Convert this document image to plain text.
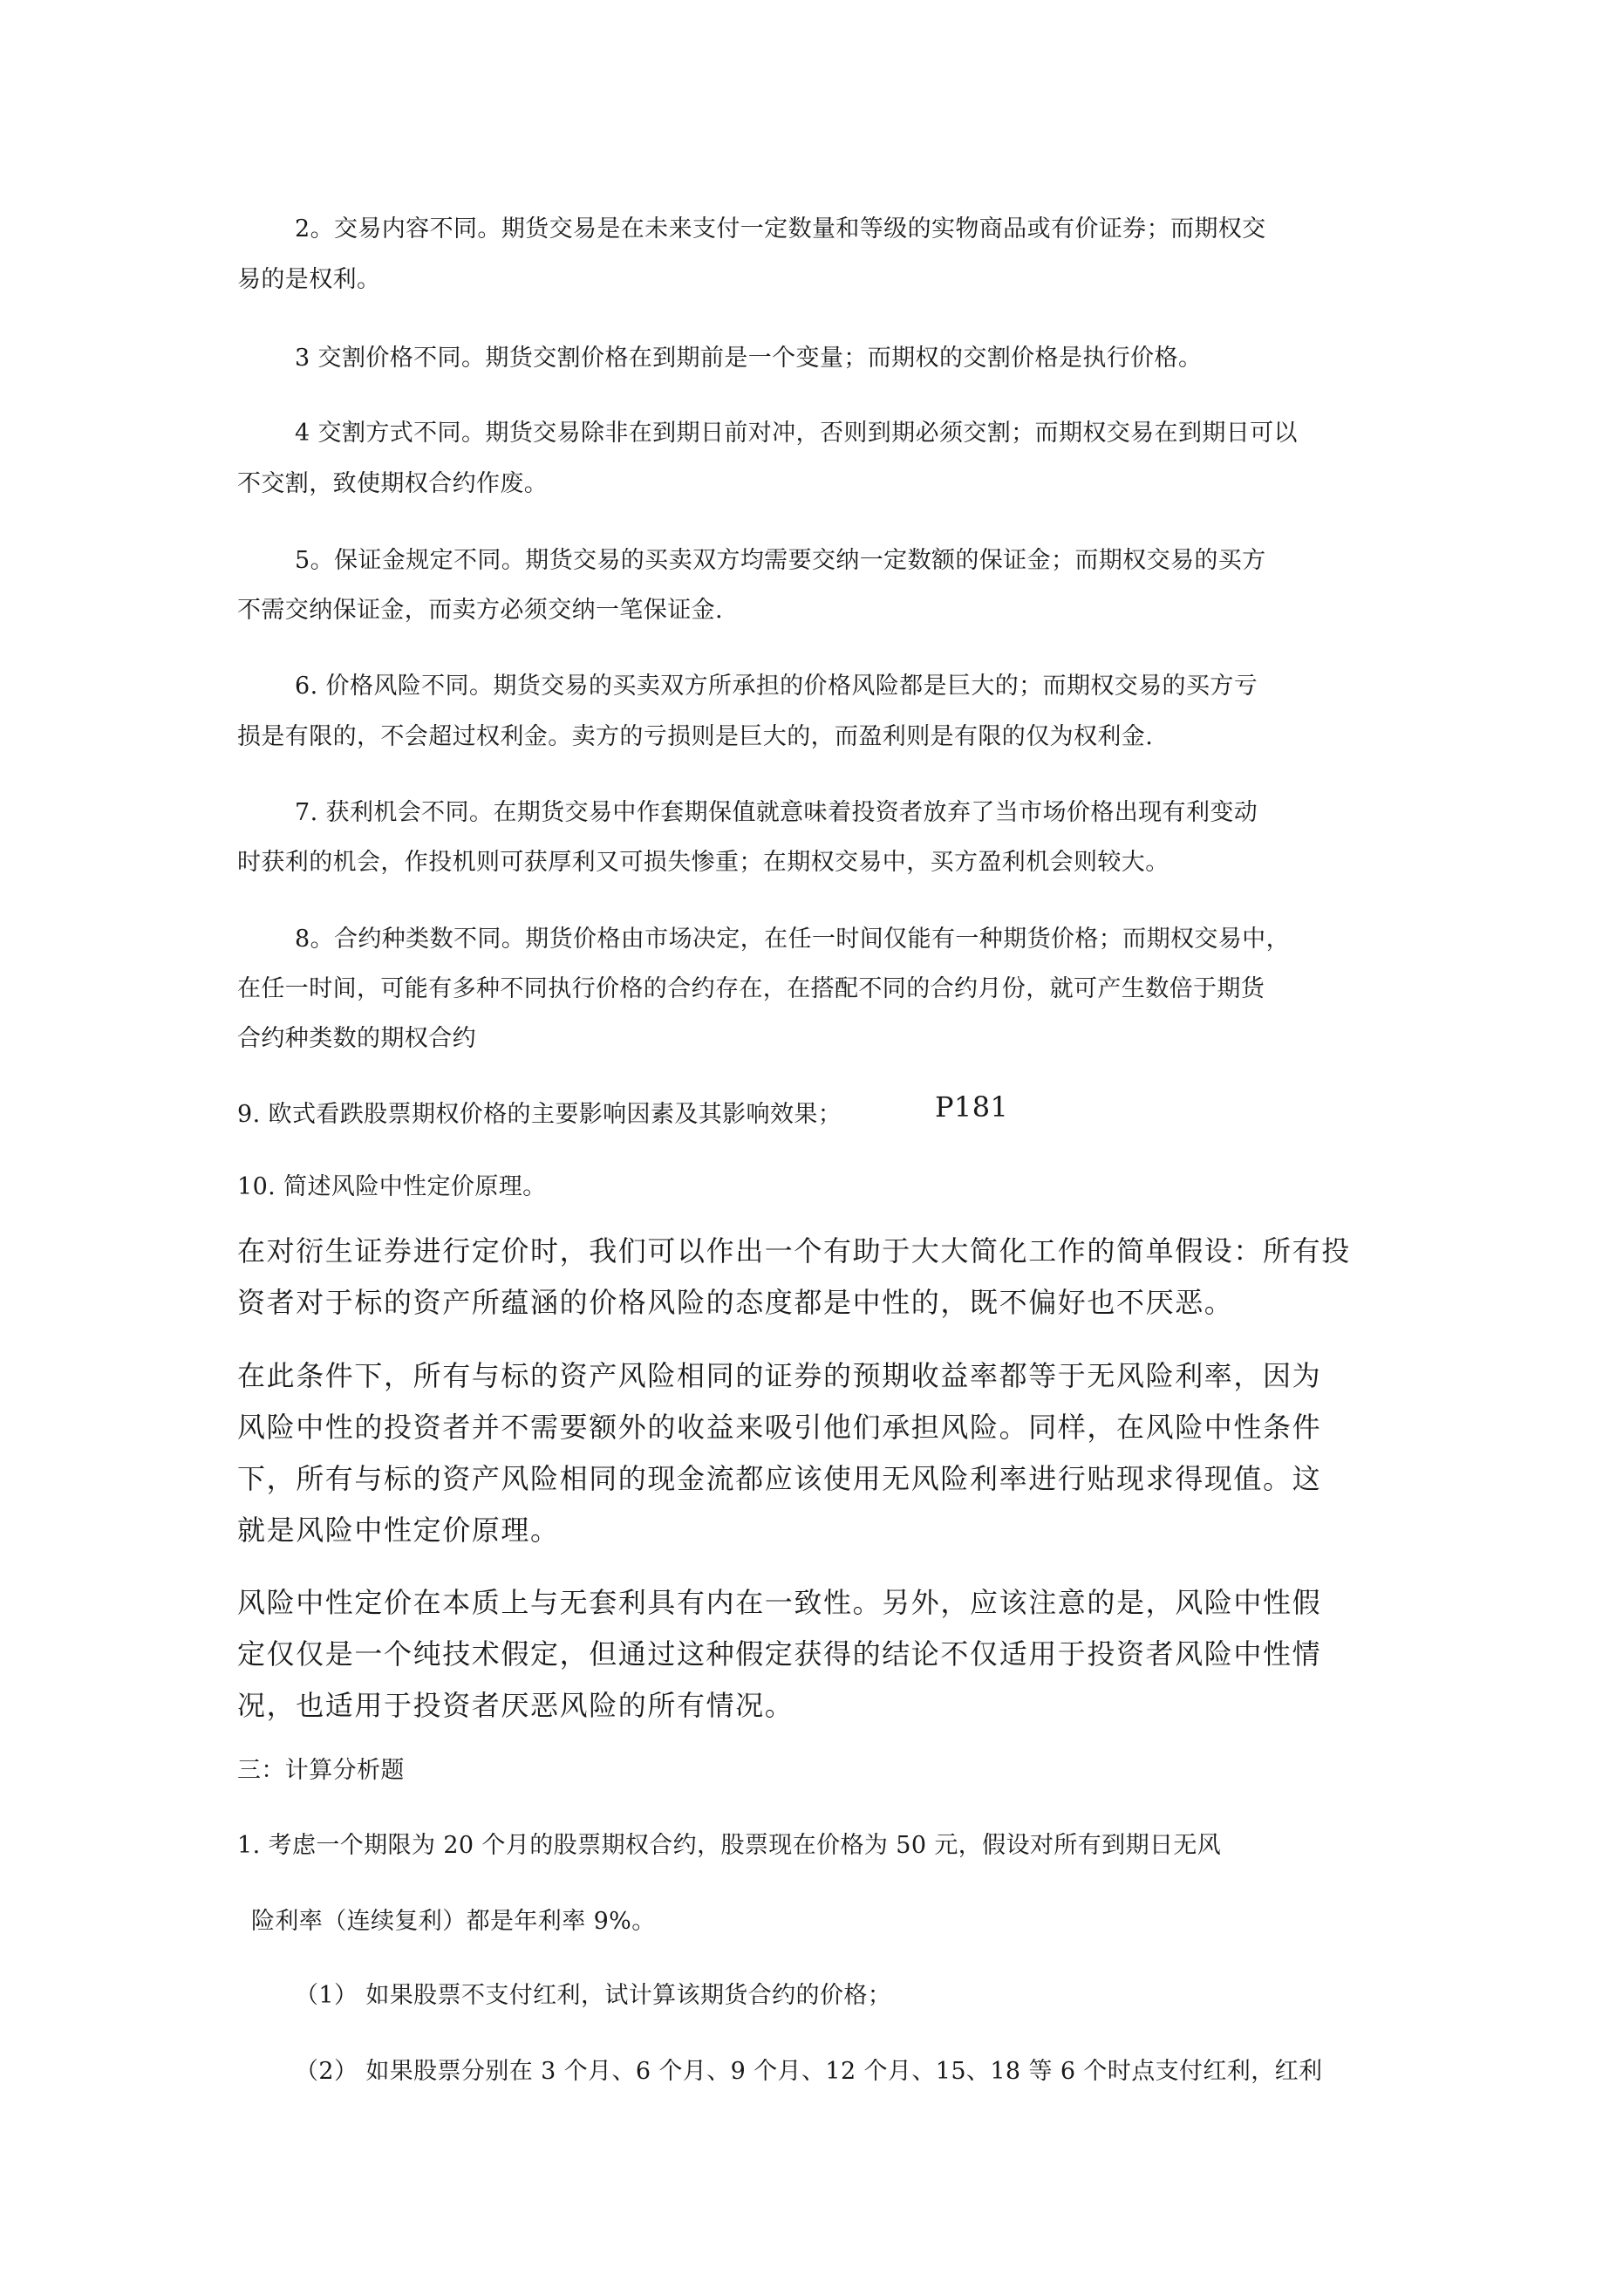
2。交易内容不同。期货交易是在未来支付一定数量和等级的实物商品或有价证券；而期权交

易的是权利。

3 交割价格不同。期货交割价格在到期前是一个变量；而期权的交割价格是执行价格。

4 交割方式不同。期货交易除非在到期日前对冲，否则到期必须交割；而期权交易在到期日可以

不交割，致使期权合约作废。

5。保证金规定不同。期货交易的买卖双方均需要交纳一定数额的保证金；而期权交易的买方

不需交纳保证金，而卖方必须交纳一笔保证金.

6. 价格风险不同。期货交易的买卖双方所承担的价格风险都是巨大的；而期权交易的买方亏

损是有限的，不会超过权利金。卖方的亏损则是巨大的，而盈利则是有限的仅为权利金.

7. 获利机会不同。在期货交易中作套期保值就意味着投资者放弃了当市场价格出现有利变动

时获利的机会，作投机则可获厚利又可损失惨重；在期权交易中，买方盈利机会则较大。

8。合约种类数不同。期货价格由市场决定，在任一时间仅能有一种期货价格；而期权交易中，

在任一时间，可能有多种不同执行价格的合约存在，在搭配不同的合约月份，就可产生数倍于期货

合约种类数的期权合约

9. 欧式看跌股票期权价格的主要影响因素及其影响效果；	P181

10. 简述风险中性定价原理。

在对衍生证券进行定价时，我们可以作出一个有助于大大简化工作的简单假设：所有投

资者对于标的资产所蕴涵的价格风险的态度都是中性的，既不偏好也不厌恶。

在此条件下，所有与标的资产风险相同的证券的预期收益率都等于无风险利率，因为

风险中性的投资者并不需要额外的收益来吸引他们承担风险。同样，在风险中性条件

下，所有与标的资产风险相同的现金流都应该使用无风险利率进行贴现求得现值。这

就是风险中性定价原理。

风险中性定价在本质上与无套利具有内在一致性。另外，应该注意的是，风险中性假

定仅仅是一个纯技术假定，但通过这种假定获得的结论不仅适用于投资者风险中性情

况，也适用于投资者厌恶风险的所有情况。

三：计算分析题

1. 考虑一个期限为 20 个月的股票期权合约，股票现在价格为 50 元，假设对所有到期日无风

险利率（连续复利）都是年利率 9%。

（1） 如果股票不支付红利，试计算该期货合约的价格；

（2） 如果股票分别在 3 个月、6 个月、9 个月、12 个月、15、18 等 6 个时点支付红利，红利
